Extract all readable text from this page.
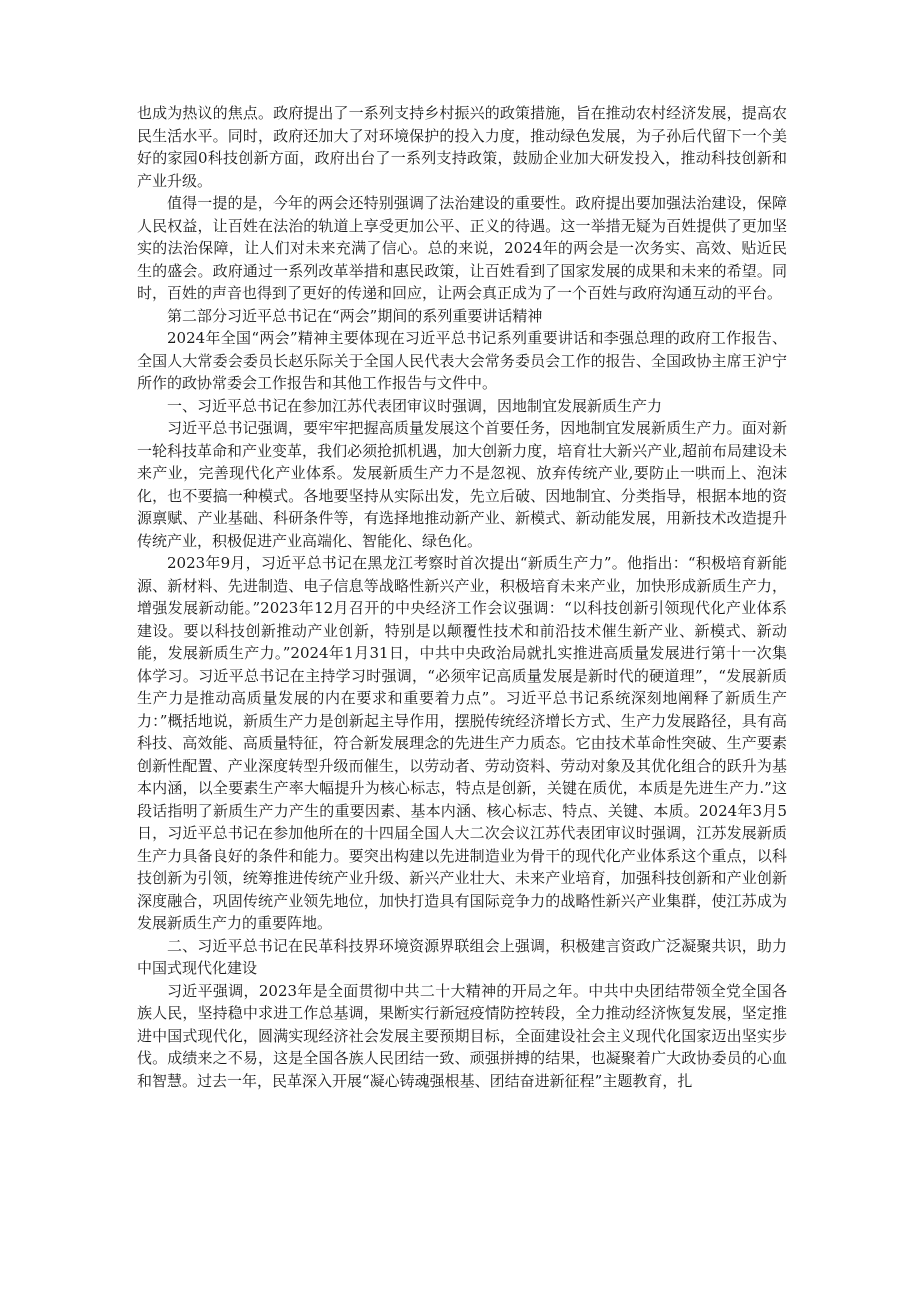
也成为热议的焦点。政府提出了一系列支持乡村振兴的政策措施，旨在推动农村经济发展，提高农民生活水平。同时，政府还加大了对环境保护的投入力度，推动绿色发展，为子孙后代留下一个美好的家园0科技创新方面，政府出台了一系列支持政策，鼓励企业加大研发投入，推动科技创新和产业升级。

值得一提的是，今年的两会还特别强调了法治建设的重要性。政府提出要加强法治建设，保障人民权益，让百姓在法治的轨道上享受更加公平、正义的待遇。这一举措无疑为百姓提供了更加坚实的法治保障，让人们对未来充满了信心。总的来说，2024年的两会是一次务实、高效、贴近民生的盛会。政府通过一系列改革举措和惠民政策，让百姓看到了国家发展的成果和未来的希望。同时，百姓的声音也得到了更好的传递和回应，让两会真正成为了一个百姓与政府沟通互动的平台。

第二部分习近平总书记在“两会”期间的系列重要讲话精神

2024年全国“两会”精神主要体现在习近平总书记系列重要讲话和李强总理的政府工作报告、全国人大常委会委员长赵乐际关于全国人民代表大会常务委员会工作的报告、全国政协主席王沪宁所作的政协常委会工作报告和其他工作报告与文件中。

一、习近平总书记在参加江苏代表团审议时强调，因地制宜发展新质生产力

习近平总书记强调，要牢牢把握高质量发展这个首要任务，因地制宜发展新质生产力。面对新一轮科技革命和产业变革，我们必须抢抓机遇，加大创新力度，培育壮大新兴产业,超前布局建设未来产业，完善现代化产业体系。发展新质生产力不是忽视、放弃传统产业,要防止一哄而上、泡沫化，也不要搞一种模式。各地要坚持从实际出发，先立后破、因地制宜、分类指导，根据本地的资源禀赋、产业基础、科研条件等，有选择地推动新产业、新模式、新动能发展，用新技术改造提升传统产业，积极促进产业高端化、智能化、绿色化。

2023年9月，习近平总书记在黑龙江考察时首次提出“新质生产力”。他指出：“积极培育新能源、新材料、先进制造、电子信息等战略性新兴产业，积极培育未来产业，加快形成新质生产力，增强发展新动能。”2023年12月召开的中央经济工作会议强调：“以科技创新引领现代化产业体系建设。要以科技创新推动产业创新，特别是以颠覆性技术和前沿技术催生新产业、新模式、新动能，发展新质生产力。”2024年1月31日，中共中央政治局就扎实推进高质量发展进行第十一次集体学习。习近平总书记在主持学习时强调，“必须牢记高质量发展是新时代的硬道理”，“发展新质生产力是推动高质量发展的内在要求和重要着力点”。习近平总书记系统深刻地阐释了新质生产力：”概括地说，新质生产力是创新起主导作用，摆脱传统经济增长方式、生产力发展路径，具有高科技、高效能、高质量特征，符合新发展理念的先进生产力质态。它由技术革命性突破、生产要素创新性配置、产业深度转型升级而催生，以劳动者、劳动资料、劳动对象及其优化组合的跃升为基本内涵，以全要素生产率大幅提升为核心标志，特点是创新，关键在质优，本质是先进生产力.”这段话指明了新质生产力产生的重要因素、基本内涵、核心标志、特点、关键、本质。2024年3月5日，习近平总书记在参加他所在的十四届全国人大二次会议江苏代表团审议时强调，江苏发展新质生产力具备良好的条件和能力。要突出构建以先进制造业为骨干的现代化产业体系这个重点，以科技创新为引领，统筹推进传统产业升级、新兴产业壮大、未来产业培育，加强科技创新和产业创新深度融合，巩固传统产业领先地位，加快打造具有国际竞争力的战略性新兴产业集群，使江苏成为发展新质生产力的重要阵地。

二、习近平总书记在民革科技界环境资源界联组会上强调，积极建言资政广泛凝聚共识，助力中国式现代化建设

习近平强调，2023年是全面贯彻中共二十大精神的开局之年。中共中央团结带领全党全国各族人民，坚持稳中求进工作总基调，果断实行新冠疫情防控转段，全力推动经济恢复发展，坚定推进中国式现代化，圆满实现经济社会发展主要预期目标，全面建设社会主义现代化国家迈出坚实步伐。成绩来之不易，这是全国各族人民团结一致、顽强拼搏的结果，也凝聚着广大政协委员的心血和智慧。过去一年，民革深入开展“凝心铸魂强根基、团结奋进新征程”主题教育，扎
